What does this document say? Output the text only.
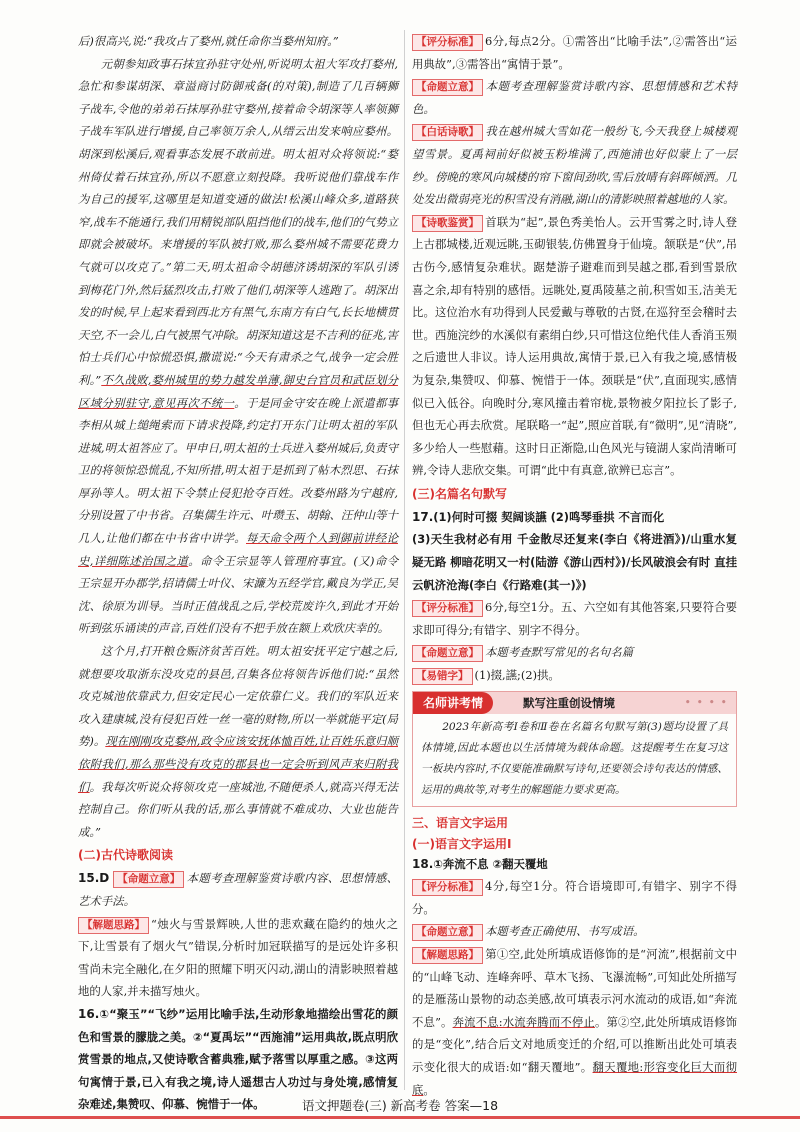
后)很高兴,说:“我攻占了婺州,就任命你当婺州知府。”

元朝参知政事石抹宜孙驻守处州,听说明太祖大军攻打婺州,急忙和参谋胡深、章溢商讨防御戒备(的对策),制造了几百辆狮子战车,令他的弟弟石抹厚孙驻守婺州,接着命令胡深等人率领狮子战车军队进行增援,自己率领万余人,从缙云出发来响应婺州。胡深到松溪后,观看事态发展不敢前进。明太祖对众将领说:“婺州倚仗着石抹宜孙,所以不愿意立刻投降。我听说他们靠战车作为自己的援军,这哪里是知道变通的做法!松溪山峰众多,道路狭窄,战车不能通行,我们用精锐部队阻挡他们的战车,他们的气势立即就会被破坏。来增援的军队被打败,那么婺州城不需要花费力气就可以攻克了。”第二天,明太祖命令胡德济诱胡深的军队引诱到梅花门外,然后猛烈攻击,打败了他们,胡深等人逃跑了。胡深出发的时候,早上起来看到西北方有黑气,东南方有白气,长长地横贯天空,不一会儿,白气被黑气冲除。胡深知道这是不吉利的征兆,害怕士兵们心中惊慌恐惧,撒谎说:“今天有肃杀之气,战争一定会胜利。”不久战败,婺州城里的势力越发单薄,御史台官员和武臣划分区域分别驻守,意见再次不统一。于是同金守安在晚上派遣都事李相从城上缒绳索而下请求投降,约定打开东门让明太祖的军队进城,明太祖答应了。甲申日,明太祖的士兵进入婺州城后,负责守卫的将领惊恐慌乱,不知所措,明太祖于是抓到了帖木烈思、石抹厚孙等人。明太祖下令禁止侵犯抢夺百姓。改婺州路为宁越府,分别设置了中书省。召集儒生许元、叶瓒玉、胡翰、汪仲山等十几人,让他们都在中书省中讲学。每天命令两个人到御前讲经论史,详细陈述治国之道。命令王宗显等人管理府事宜。(又)命令王宗显开办郡学,招请儒士叶仪、宋濂为五经学官,戴良为学正,吴沈、徐原为训导。当时正值战乱之后,学校荒废许久,到此才开始听到弦乐诵读的声音,百姓们没有不把手放在额上欢欣庆幸的。

这个月,打开粮仓赈济贫苦百姓。明太祖安抚平定宁越之后,就想要攻取浙东没攻克的县邑,召集各位将领告诉他们说:“虽然攻克城池依靠武力,但安定民心一定依靠仁义。我们的军队近来攻入建康城,没有侵犯百姓一丝一毫的财物,所以一举就能平定(局势)。现在刚刚攻克婺州,政令应该安抚体恤百姓,让百姓乐意归顺依附我们,那么那些没有攻克的郡县也一定会听到风声来归附我们。我每次听说众将领攻克一座城池,不随便杀人,就高兴得无法控制自己。你们听从我的话,那么事情就不难成功、大业也能告成。”

(二)古代诗歌阅读

15.D 【命题立意】 本题考查理解鉴赏诗歌内容、思想情感、艺术手法。

【解题思路】 “烛火与雪景辉映,人世的悲欢藏在隐约的烛火之下,让雪景有了烟火气”错误,分析时加冠联描写的是远处许多积雪尚未完全融化,在夕阳的照耀下明灭闪动,湖山的清影映照着越地的人家,并未描写烛火。

16.①“聚玉”“飞纱”运用比喻手法,生动形象地描绘出雪花的颜色和雪景的朦胧之美。②“夏禹坛”“西施浦”运用典故,既点明欣赏雪景的地点,又使诗歌含蓄典雅,赋予落雪以厚重之感。③这两句寓情于景,已入有我之境,诗人遥想古人功过与身处境,感情复杂难述,集赞叹、仰慕、惋惜于一体。

【评分标准】 6分,每点2分。①需答出“比喻手法”,②需答出“运用典故”,③需答出“寓情于景”。

【命题立意】 本题考查理解鉴赏诗歌内容、思想情感和艺术特色。

【白话诗歌】 我在越州城大雪如花一般纷飞,今天我登上城楼观望雪景。夏禹祠前好似被玉粉堆满了,西施浦也好似蒙上了一层纱。傍晚的寒风向城楼的帘下窗间劲吹,雪后放晴有斜晖倾洒。几处发出微弱亮光的积雪没有消融,湖山的清影映照着越地的人家。

【诗歌鉴赏】 首联为“起”,景色秀美怡人。云开雪雾之时,诗人登上古郡城楼,近观远眺,玉砌银装,仿佛置身于仙境。颔联是“伏”,吊古伤今,感情复杂难状。踞楚游子避难而到吴越之郡,看到雪景欣喜之余,却有特别的感悟。远眺处,夏禹陵墓之前,积雪如玉,洁美无比。这位治水有功得到人民爱戴与尊敬的古贤,在巡狩至会稽时去世。西施浣纱的水溪似有素绢白纱,只可惜这位绝代佳人香消玉殒之后遗世人非议。诗人运用典故,寓情于景,已入有我之境,感情极为复杂,集赞叹、仰慕、惋惜于一体。颈联是“伏”,直面现实,感情似已入低谷。向晚时分,寒风撞击着帘栊,景物被夕阳拉长了影子,但也无心再去欣赏。尾联略一“起”,照应首联,有“微明”,见“清晓”,多少给人一些慰藉。这时日正渐隐,山色风光与镜湖人家尚清晰可辨,令诗人悲欣交集。可谓“此中有真意,欲辨已忘言”。

(三)名篇名句默写

17.(1)何时可掇 契阔谈讌 (2)鸣琴垂拱 不言而化

(3)天生我材必有用 千金散尽还复来(李白《将进酒》)/山重水复疑无路 柳暗花明又一村(陆游《游山西村》)/长风破浪会有时 直挂云帆济沧海(李白《行路难(其一)》)

【评分标准】 6分,每空1分。五、六空如有其他答案,只要符合要求即可得分;有错字、别字不得分。

【命题立意】 本题考查默写常见的名句名篇

【易错字】 (1)掇,讌;(2)拱。

名师讲考情	默写注重创设情境	• • • •

2023年新高考Ⅰ卷和Ⅱ卷在名篇名句默写第(3)题均设置了具体情境,因此本题也以生活情境为载体命题。这提醒考生在复习这一板块内容时,不仅要能准确默写诗句,还要领会诗句表达的情感、运用的典故等,对考生的解题能力要求更高。

三、语言文字运用
(一)语言文字运用Ⅰ

18.①奔流不息 ②翻天覆地

【评分标准】 4分,每空1分。符合语境即可,有错字、别字不得分。

【命题立意】 本题考查正确使用、书写成语。

【解题思路】 第①空,此处所填成语修饰的是“河流”,根据前文中的“山峰飞动、连峰奔呼、草木飞扬、飞瀑流畅”,可知此处所描写的是雁荡山景物的动态美感,故可填表示河水流动的成语,如“奔流不息”。奔流不息:水流奔腾而不停止。第②空,此处所填成语修饰的是“变化”,结合后文对地质变迁的介绍,可以推断出此处可填表示变化很大的成语:如“翻天覆地”。翻天覆地:形容变化巨大而彻底。

语文押题卷(三) 新高考卷 答案—18
